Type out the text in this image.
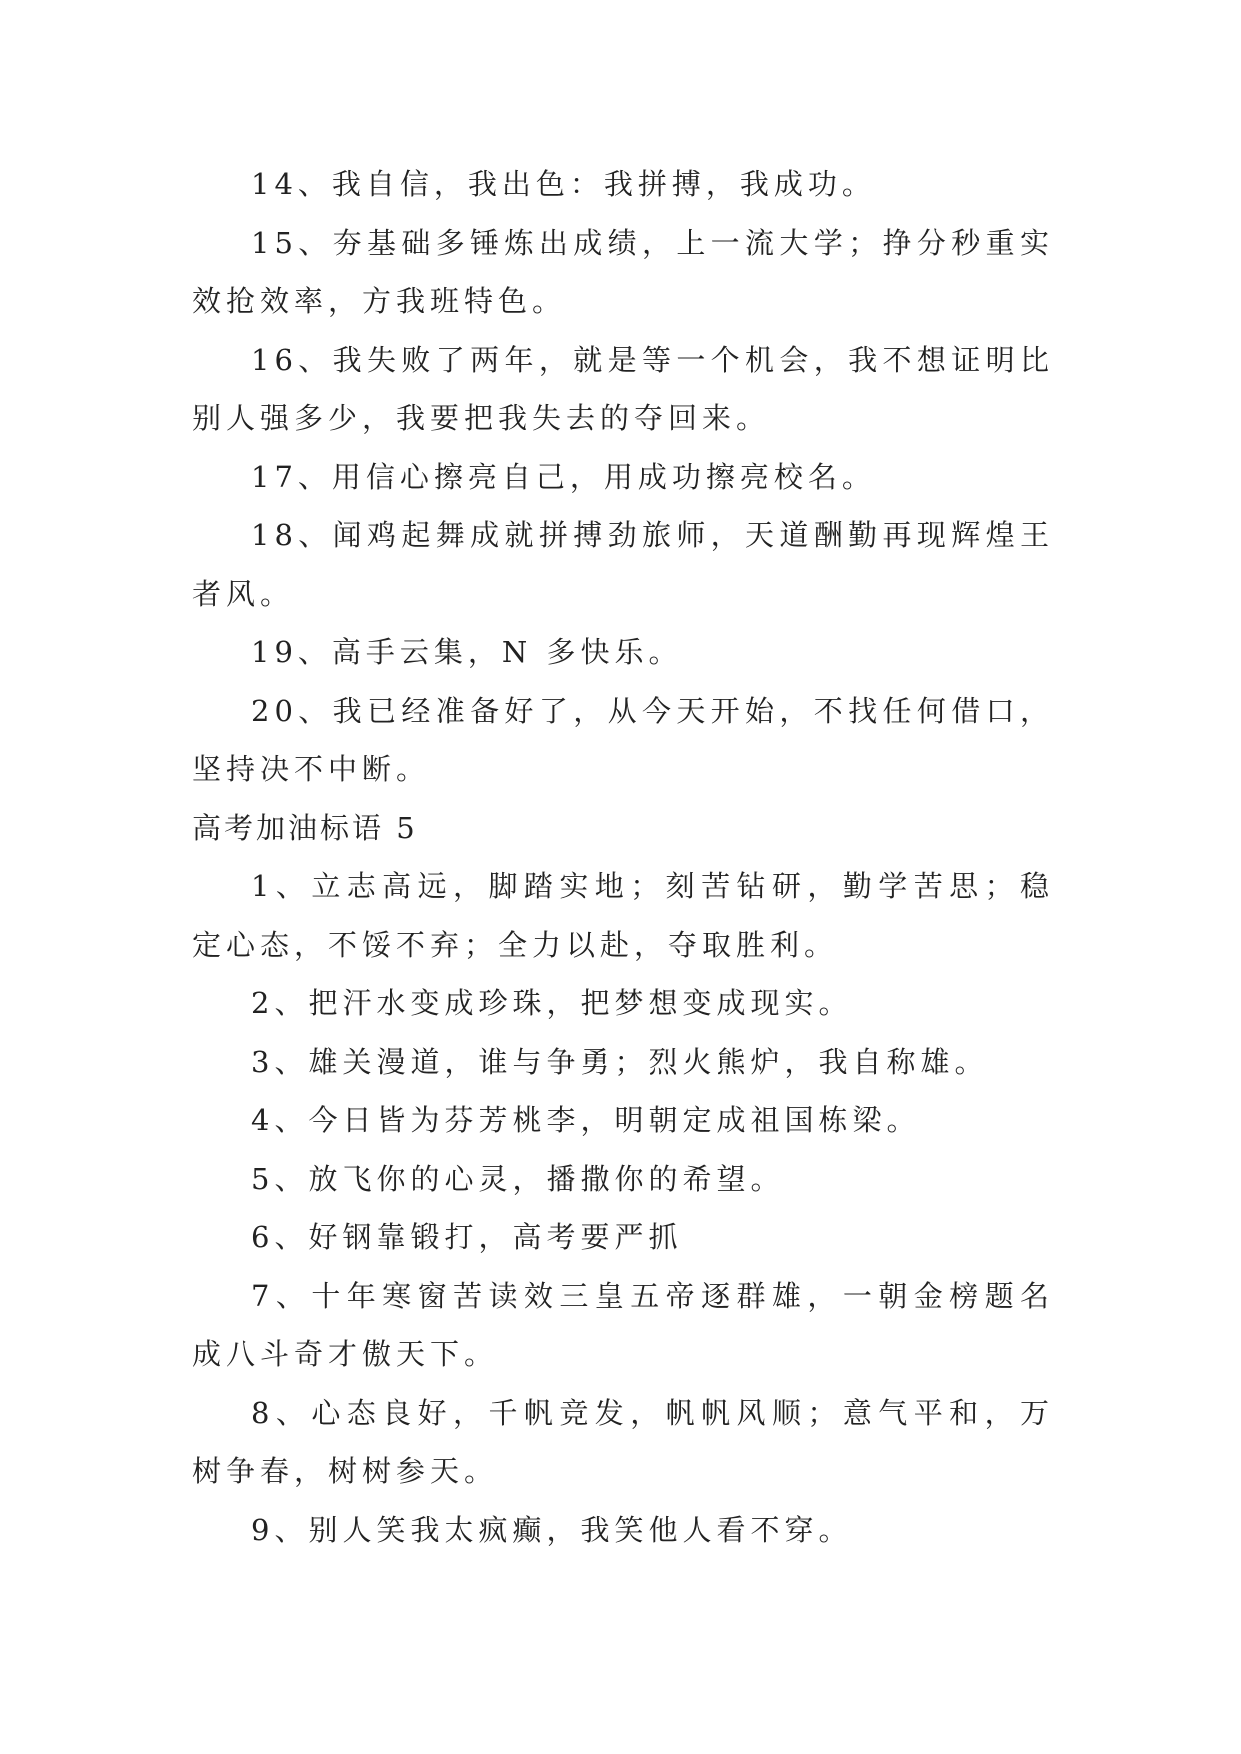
14、我自信，我出色：我拼搏，我成功。

15、夯基础多锤炼出成绩，上一流大学；挣分秒重实效抢效率，方我班特色。

16、我失败了两年，就是等一个机会，我不想证明比别人强多少，我要把我失去的夺回来。

17、用信心擦亮自己，用成功擦亮校名。

18、闻鸡起舞成就拼搏劲旅师，天道酬勤再现辉煌王者风。

19、高手云集，N 多快乐。

20、我已经准备好了，从今天开始，不找任何借口，坚持决不中断。

高考加油标语 5

1、立志高远，脚踏实地；刻苦钻研，勤学苦思；稳定心态，不馁不弃；全力以赴，夺取胜利。

2、把汗水变成珍珠，把梦想变成现实。

3、雄关漫道，谁与争勇；烈火熊炉，我自称雄。

4、今日皆为芬芳桃李，明朝定成祖国栋梁。

5、放飞你的心灵，播撒你的希望。

6、好钢靠锻打，高考要严抓

7、十年寒窗苦读效三皇五帝逐群雄，一朝金榜题名成八斗奇才傲天下。

8、心态良好，千帆竞发，帆帆风顺；意气平和，万树争春，树树参天。

9、别人笑我太疯癫，我笑他人看不穿。
